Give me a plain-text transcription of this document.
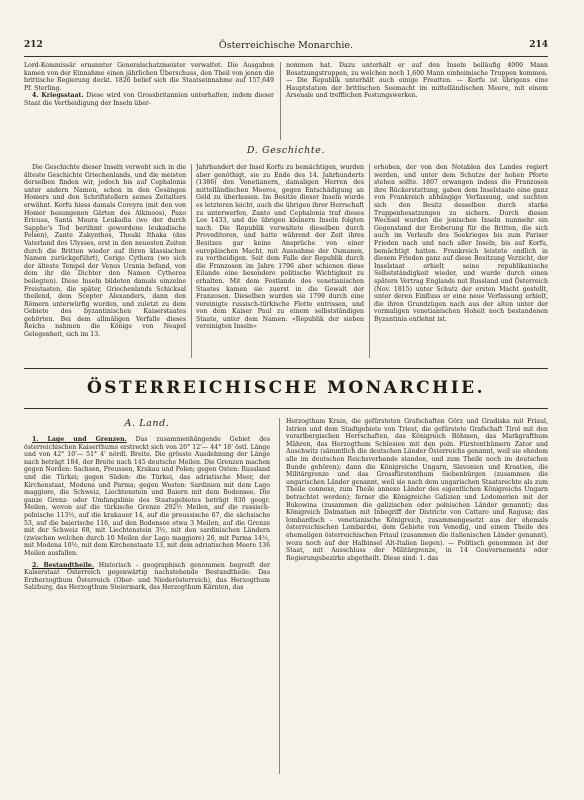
212	Österreichische Monarchie.	214

Lord-Kommissär ernannter Generalschatzmeister verwaltet. Die Ausgaben kamen von der Einnahme einen jährlichen Überschuss, den Theil von jenen die brittische Regierung deckt. 1826 belief sich die Staatseinnahme auf 157,649 Pf. Sterling.

4. Kriegsstaat. Diese wird von Grossbritannien unterhalten, indem dieser Staat die Vertheidigung der Inseln über-

nommen hat. Dazu unterhält er auf den Inseln beiläufig 4000 Mann Besatzungstruppen, zu welchen noch 1,600 Mann einheimische Truppen kommen. — Die Republik unterhält auch einige Freatten. — Korfu ist übrigens eine Hauptstation der brittischen Seemacht im mittelländischen Meere, mit einem Arsenale und trefflichen Festungswerken.

D. Geschichte.

Die Geschichte dieser Inseln verwebt sich in die älteste Geschichte Griechenlands, und die meisten derselben finden wir, jedoch bis auf Cephalonia unter andern Namen, schon in den Gesängen Homers und den Schriftstellern seines Zeitalters erwähnt. Korfu hiess damals Coreyra (mit den von Homer besungenen Gärten des Alkinoos), Paxo Ericusa, Santa Maura Leukadia (wo der durch Sappho's Tod berühmt gewordene leukadische Felsen), Zante Zakynthos, Theaki Ithaka (das Vaterland des Ulysses, erst in den neuesten Zeiten durch die Britten wieder auf ihren klassischen Namen zurückgeführt), Cerigo Cythera (wo sich der älteste Tempel der Venus Urania befand, von dem ihr die Dichter den Namen Cytherea beilegten). Diese Inseln bildeten damals einzelne Freistaaten, die später, Griechenlands Schicksal theilend, dem Scepter Alexanders, dann den Römern unterwürfig wurden, und zuletzt zu dem Gebiete des byzantinischen Kaiserstaates gehörten. Bei dem allmäligen Verfalle dieses Reichs nahmen die Könige von Neapel Gelegenheit, sich im 13.

Jahrhundert der Insel Korfu zu bemächtigen, wurden aber genöthigt, sie zu Ende des 14. Jahrhunderts (1386) den Venetianern, damaligen Herren des mittelländischen Meeres, gegen Entschädigung an Geld zu überlassen. Im Besitze dieser Inseln wurde es letzteren leicht, auch die übrigen ihrer Herrschaft zu unterwerfen, Zanto und Cephalonia traf dieses Los 1433, und die übrigen kleinern Inseln folgten nach. Die Republik verwaltete dieselben durch Proveditoren, und hatte während der Zeit ihres Besitzes gar keine Ansprüche von einer europäischen Macht, mit Ausnahme der Osmanen, zu vertheidigen. Seit dem Falle der Republik durch die Franzosen im Jahre 1796 aber schienen diese Eilande eine besondere politische Wichtigkeit zu erhalten. Mit dem Festlande des venetianischen Staates kamen sie zuerst in die Gewalt der Franzosen. Dieselben wurden sie 1799 durch eine vereinigte russisch-türkische Flotte entrissen, und von dem Kaiser Paul zu einem selbstständigen Staate, unter dem Namen: «Republik der sieben vereinigten Inseln»

erhoben, der von den Notablen des Landes regiert werden, und unter dem Schutze der hohen Pforte stehen sollte. 1807 erwangen indess die Franzosen ihre Rückerstattung, gaben dem Inselstaate eine ganz von Frankreich abhängige Verfassung, und suchten sich den Besitz desselben durch starke Truppenbesatzungen zu sichern. Durch diesen Wechsel wurden die jonischen Inseln nunmehr ein Gegenstand der Eroberung für die Britten, die sich auch im Verlaufe des Seekrieges bis zum Pariser Frieden nach und nach aller Inseln, bis auf Korfu, bemächtigt hatten. Frankreich leistete endlich in diesem Frieden ganz auf diese Besitzung Verzicht, der Inselstaat erhielt seine republikanische Selbstständigkeit wieder, und wurde durch einen spätern Vertrag Englands mit Russland und Österreich (Nov. 1815) unter Schutz der ersten Macht gestellt, unter deren Einfluss er eine neue Verfassung erhielt, die ihren Grundzügen nach aus der alten unter der vormaligen venetianischen Hoheit noch bestandenen Byzantinia entlehnt ist.

ÖSTERREICHISCHE MONARCHIE.
A. Land.

1. Lage und Grenzen. Das zusammenhängende Gebiet des österreichischen Kaiserthums erstreckt sich von 26° 12'— 44° 18' östl. Länge und von 42° 10'— 51° 4' nördl. Breite. Die grösste Ausdehnung der Länge nach beträgt 184, der Breite nach 145 deutsche Meilen. Die Grenzen machen gegen Norden: Sachsen, Preussen, Krakau und Polen; gegen Osten: Russland und die Türkei; gegen Süden: die Türkei, das adriatische Meer, der Kirchenstaat, Modena und Parma; gegen Westen: Sardinien mit dem Lago maggiore, die Schweiz, Liechtenstein und Baiern mit dem Bodensee. Die ganze Grenz- oder Umfangslinie des Staatsgebietes beträgt 930 geogr. Meilen, wovon auf die türkische Grenze 292½ Meilen, auf die russisch-polnische 113½, auf die krakauer 14, auf die preussische 67, die sächsische 53, auf die baierische 116, auf den Bodensee etwa 3 Meilen, auf die Grenze mit der Schweiz 68, mit Liechtenstein 3½, mit den sardinischen Ländern (zwischen welchen durch 10 Meilen der Lago maggiore) 26, mit Parma 14½, mit Modena 10½, mit dem Kirchenstaate 13, mit dem adriatischen Meere 136 Meilen ausfallen.

2. Bestandtheile. Historisch - geographisch genommen begreift der Kaiserstaat Österreich gegenwärtig nachstehende Bestandtheile: Das Erzherzogthum Österreich (Ober- und Niederösterreich), das Herzogthum Salzburg, das Herzogthum Steiermark, das Herzogthum Kärnten, das

Herzogthum Krain, die gefürsteten Grafschaften Görz und Gradiska mit Friaul, Istrien und dem Stadtgebiete von Triest, die gefürstete Grafschaft Tirol mit den vorarlbergischen Herrschaften, das Königreich Böhmen, das Markgrafthum Mähren, das Herzogthum Schlesien mit den poln. Fürstenthümern Zator und Auschwitz (sämmtlich die deutschen Länder Österreichs genannt, weil sie ehedem alle im deutschen Reichsverbande standen, und zum Theile noch im deutschen Bunde gehören); dann die Königreiche Ungarn, Slavonien und Kroatien, die Militärgrenze und das Grossfürstenthum Siebenbürgen (zusammen die ungarischen Länder genannt, weil sie nach dem ungarischen Staatsrechte als zum Theile connexe, zum Theile annexe Länder des eigentlichen Königreichs Ungarn betrachtet werden); ferner die Königreiche Galizien und Lodomerien mit der Bukowina (zusammen die galizischen oder polnischen Länder genannt); das Königreich Dalmatien mit Inbegriff der Districte von Cattaro und Ragusa; das lombardisch - venetianische Königreich, zusammengesetzt aus der ehemals österreichischen Lombardei, dem Gebiete von Venedig, und einem Theile des ehemaligen österreichischen Friaul (zusammen die italienischen Länder genannt), wozu noch auf der Halbinsel Alt-Italien liegen). — Politisch genommen ist der Staat, mit Ausschluss der Militärgrenze, in 14 Gouvernements oder Regierungsbezirke abgetheilt. Diese sind: 1. das
